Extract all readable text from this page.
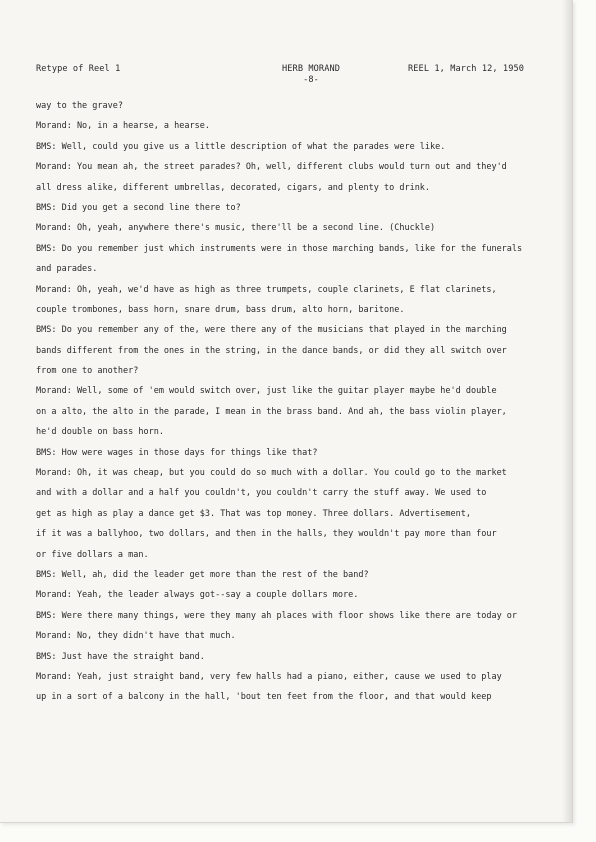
Retype of Reel 1	HERB MORAND
-8-
REEL 1, March 12, 1950
way to the grave?
Morand: No, in a hearse, a hearse.
BMS: Well, could you give us a little description of what the parades were like.
Morand: You mean ah, the street parades? Oh, well, different clubs would turn out and they'd
all dress alike, different umbrellas, decorated, cigars, and plenty to drink.
BMS: Did you get a second line there to?
Morand: Oh, yeah, anywhere there's music, there'll be a second line. (Chuckle)
BMS: Do you remember just which instruments were in those marching bands, like for the funerals
and parades.
Morand: Oh, yeah, we'd have as high as three trumpets, couple clarinets, E flat clarinets,
couple trombones, bass horn, snare drum, bass drum, alto horn, baritone.
BMS: Do you remember any of the, were there any of the musicians that played in the marching
bands different from the ones in the string, in the dance bands, or did they all switch over
from one to another?
Morand: Well, some of 'em would switch over, just like the guitar player maybe he'd double
on a alto, the alto in the parade, I mean in the brass band. And ah, the bass violin player,
he'd double on bass horn.
BMS: How were wages in those days for things like that?
Morand: Oh, it was cheap, but you could do so much with a dollar. You could go to the market
and with a dollar and a half you couldn't, you couldn't carry the stuff away. We used to
get as high as play a dance get $3. That was top money. Three dollars. Advertisement,
if it was a ballyhoo, two dollars, and then in the halls, they wouldn't pay more than four
or five dollars a man.
BMS: Well, ah, did the leader get more than the rest of the band?
Morand: Yeah, the leader always got--say a couple dollars more.
BMS: Were there many things, were they many ah places with floor shows like there are today or
Morand: No, they didn't have that much.
BMS: Just have the straight band.
Morand: Yeah, just straight band, very few halls had a piano, either, cause we used to play
up in a sort of a balcony in the hall, 'bout ten feet from the floor, and that would keep
